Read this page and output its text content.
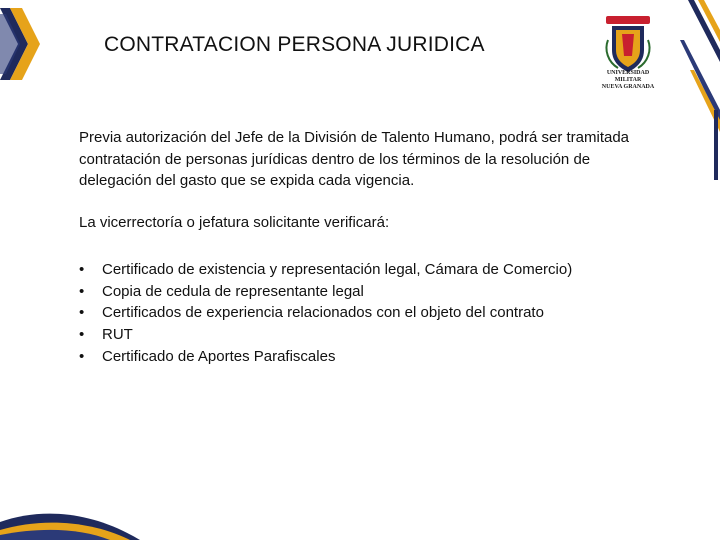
CONTRATACION PERSONA JURIDICA
UNIVERSIDAD MILITAR
NUEVA GRANADA
Previa autorización del Jefe de la División de Talento Humano, podrá ser tramitada contratación de personas jurídicas dentro de los términos de la resolución de delegación del gasto que se expida cada vigencia.
La vicerrectoría o jefatura solicitante verificará:
• Certificado de existencia y representación legal, Cámara de Comercio)
• Copia de cedula de representante legal
• Certificados de experiencia relacionados con el objeto del contrato
• RUT
• Certificado de Aportes Parafiscales
